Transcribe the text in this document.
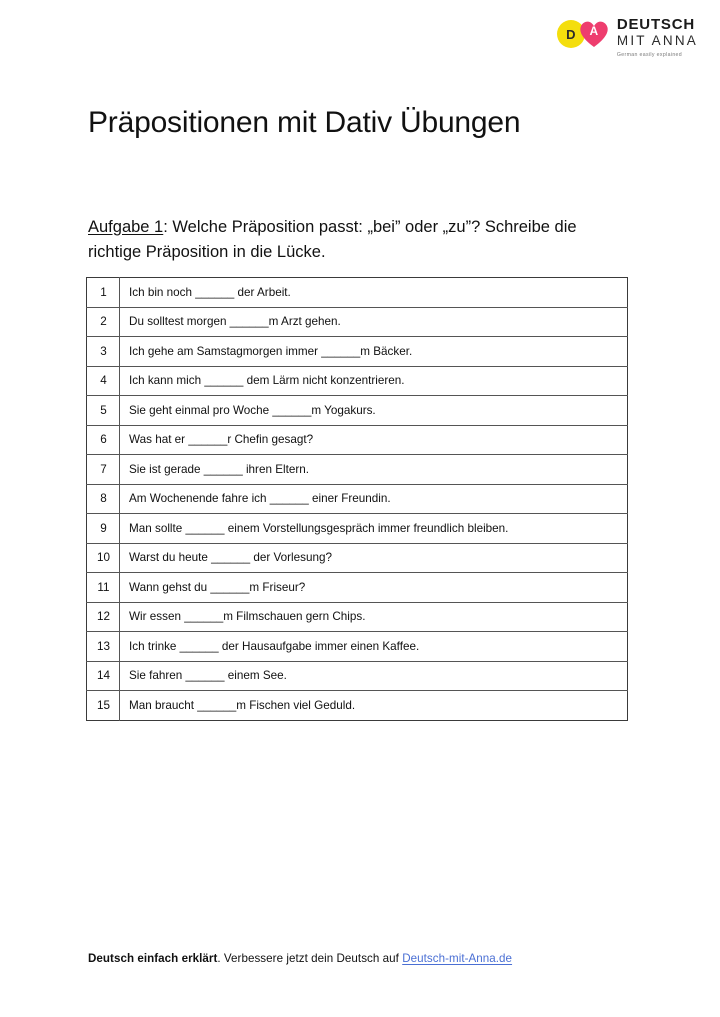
D	A	DEUTSCH
MIT ANNA
German easily explained
Präpositionen mit Dativ Übungen

Aufgabe 1: Welche Präposition passt: „bei” oder „zu”? Schreibe die richtige Präposition in die Lücke.

1	Ich bin noch ______ der Arbeit.
2	Du solltest morgen ______m Arzt gehen.
3	Ich gehe am Samstagmorgen immer ______m Bäcker.
4	Ich kann mich ______ dem Lärm nicht konzentrieren.
5	Sie geht einmal pro Woche ______m Yogakurs.
6	Was hat er ______r Chefin gesagt?
7	Sie ist gerade ______ ihren Eltern.
8	Am Wochenende fahre ich ______ einer Freundin.
9	Man sollte ______ einem Vorstellungsgespräch immer freundlich bleiben.
10	Warst du heute ______ der Vorlesung?
11	Wann gehst du ______m Friseur?
12	Wir essen ______m Filmschauen gern Chips.
13	Ich trinke ______ der Hausaufgabe immer einen Kaffee.
14	Sie fahren ______ einem See.
15	Man braucht ______m Fischen viel Geduld.
Deutsch einfach erklärt. Verbessere jetzt dein Deutsch auf Deutsch-mit-Anna.de
